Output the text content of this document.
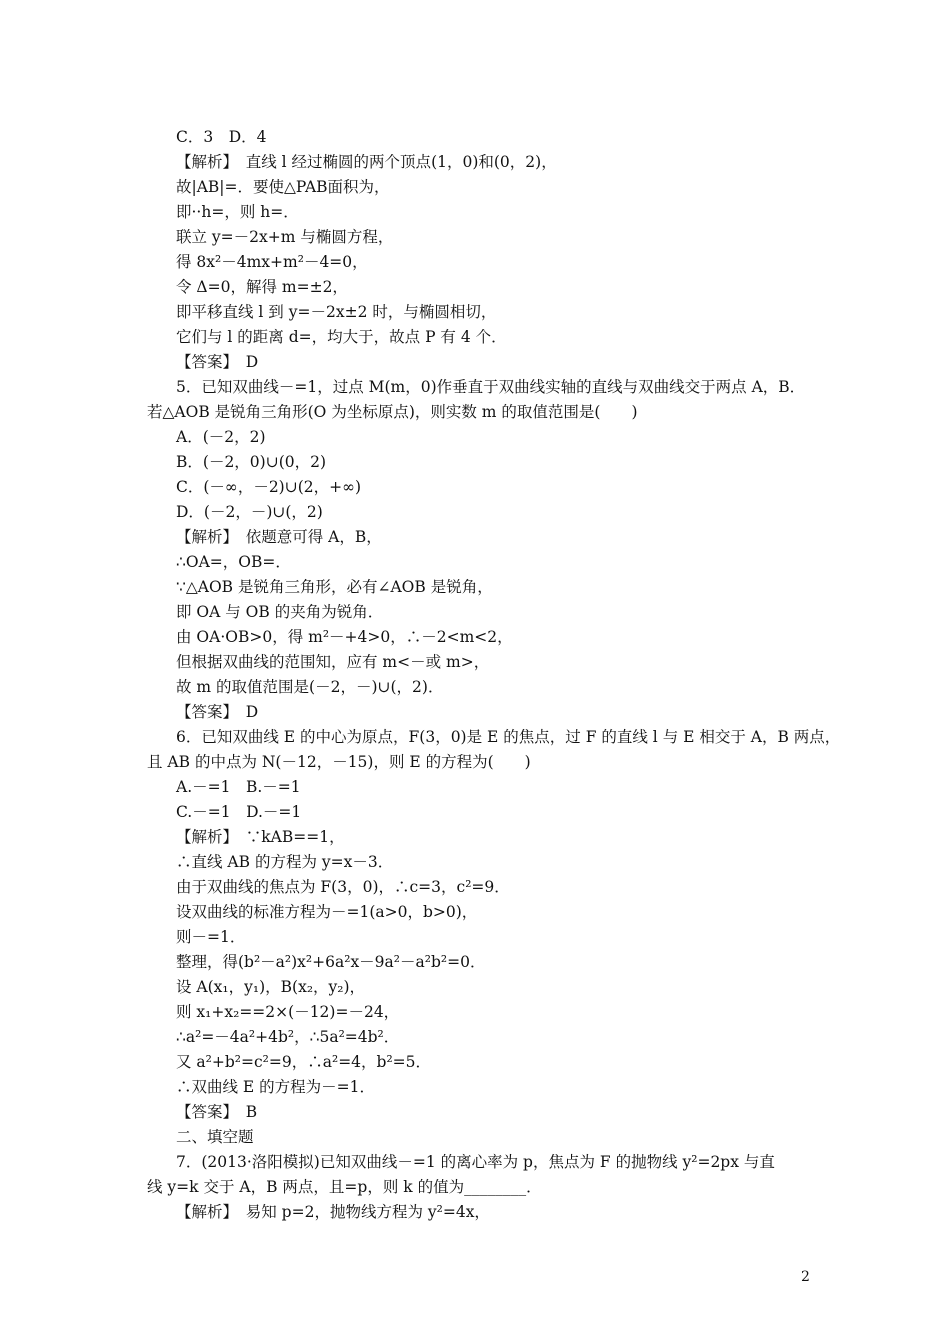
C．3　D．4
【解析】　直线 l 经过椭圆的两个顶点(1，0)和(0，2)，
故|AB|=．要使△PAB面积为，
即··h=，则 h=．
联立 y=－2x+m 与椭圆方程，
得 8x²－4mx+m²－4=0，
令 Δ=0，解得 m=±2，
即平移直线 l 到 y=－2x±2 时，与椭圆相切，
它们与 l 的距离 d=，均大于，故点 P 有 4 个．
【答案】　D
5．已知双曲线－=1，过点 M(m，0)作垂直于双曲线实轴的直线与双曲线交于两点 A，B．
若△AOB 是锐角三角形(O 为坐标原点)，则实数 m 的取值范围是(　　)
A．(－2，2)
B．(－2，0)∪(0，2)
C．(－∞，－2)∪(2，+∞)
D．(－2，－)∪(，2)
【解析】　依题意可得 A，B，
∴OA=，OB=．
∵△AOB 是锐角三角形，必有∠AOB 是锐角，
即 OA 与 OB 的夹角为锐角．
由 OA·OB>0，得 m²－+4>0，∴－2<m<2，
但根据双曲线的范围知，应有 m<－或 m>，
故 m 的取值范围是(－2，－)∪(，2)．
【答案】　D
6．已知双曲线 E 的中心为原点，F(3，0)是 E 的焦点，过 F 的直线 l 与 E 相交于 A，B 两点，
且 AB 的中点为 N(－12，－15)，则 E 的方程为(　　)
A.－=1　B.－=1
C.－=1　D.－=1
【解析】　∵kAB==1，
∴直线 AB 的方程为 y=x－3．
由于双曲线的焦点为 F(3，0)，∴c=3，c²=9．
设双曲线的标准方程为－=1(a>0，b>0)，
则－=1．
整理，得(b²－a²)x²+6a²x－9a²－a²b²=0．
设 A(x₁，y₁)，B(x₂，y₂)，
则 x₁+x₂==2×(－12)=－24，
∴a²=－4a²+4b²，∴5a²=4b²．
又 a²+b²=c²=9，∴a²=4，b²=5．
∴双曲线 E 的方程为－=1．
【答案】　B
二、填空题
7．(2013·洛阳模拟)已知双曲线－=1 的离心率为 p，焦点为 F 的抛物线 y²=2px 与直
线 y=k 交于 A，B 两点，且=p，则 k 的值为________．
【解析】　易知 p=2，抛物线方程为 y²=4x，
2
